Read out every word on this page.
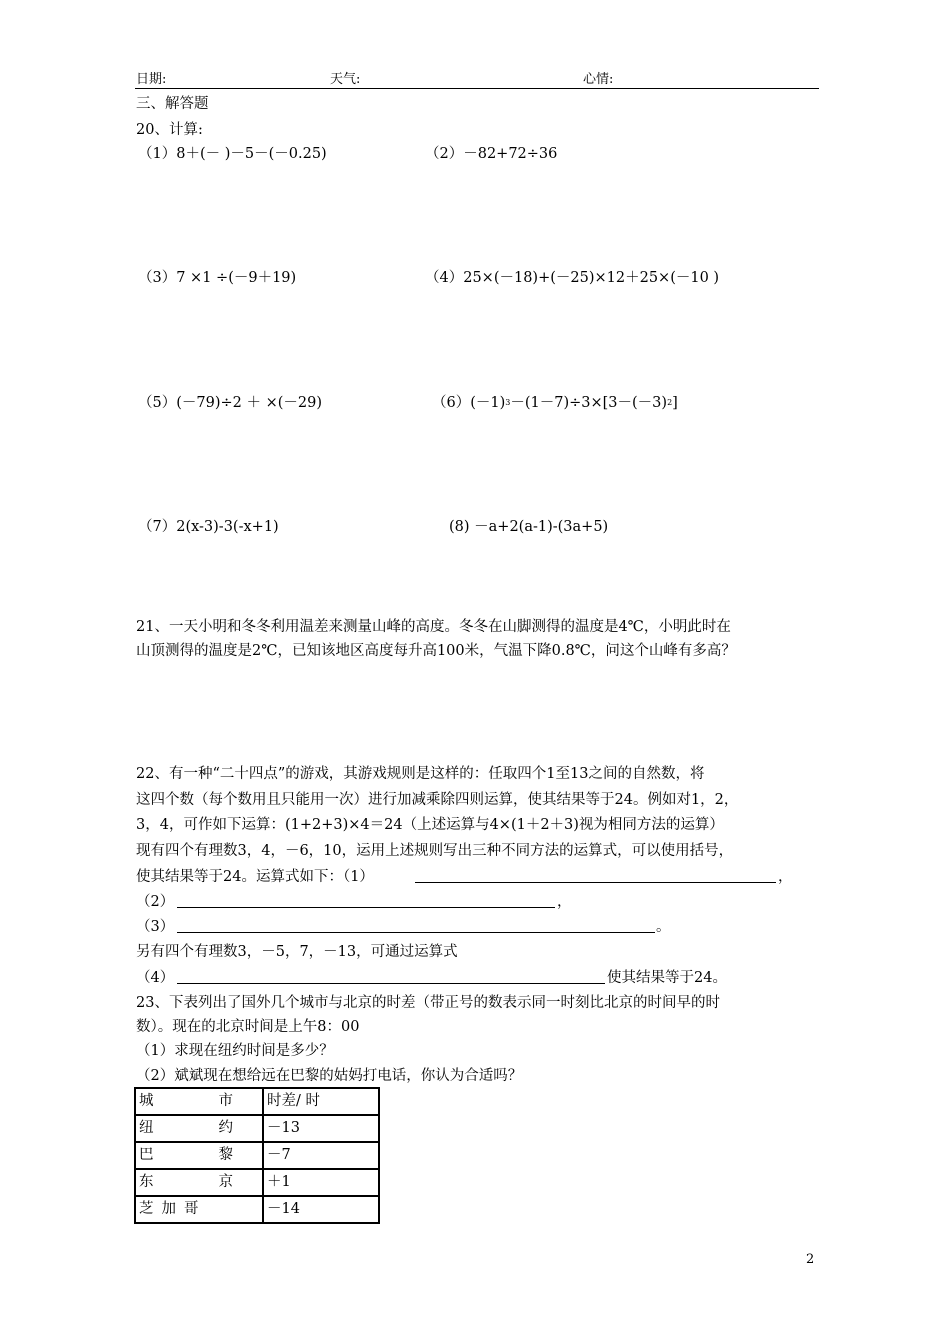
日期:	天气:	心情:
三、解答题
20、计算:
（1）8＋(－ )－5－(－0.25)	（2）－82+72÷36
（3）7 ×1 ÷(－9＋19)	（4）25×(－18)+(－25)×12＋25×(－10 )
（5）(－79)÷2 ＋ ×(－29)	$(6)(-1)^3-(1-7)\div 3\times[3-(-3)^2]$
（7）2(x-3)-3(-x+1)	(8) －a+2(a-1)-(3a+5)
21、一天小明和冬冬利用温差来测量山峰的高度。冬冬在山脚测得的温度是4℃，小明此时在
山顶测得的温度是2℃，已知该地区高度每升高100米，气温下降0.8℃，问这个山峰有多高？
22、有一种“二十四点”的游戏，其游戏规则是这样的：任取四个1至13之间的自然数，将
这四个数（每个数用且只能用一次）进行加减乘除四则运算，使其结果等于24。例如对1，2，
3，4，可作如下运算：(1+2+3)×4＝24（上述运算与4×(1＋2＋3)视为相同方法的运算）
现有四个有理数3，4，－6，10，运用上述规则写出三种不同方法的运算式，可以使用括号，
使其结果等于24。运算式如下：（1）	，
（2）	，
（3）	。
另有四个有理数3，－5，7，－13，可通过运算式
（4）	使其结果等于24。
23、下表列出了国外几个城市与北京的时差（带正号的数表示同一时刻比北京的时间早的时
数）。现在的北京时间是上午8：00
（1）求现在纽约时间是多少？
（2）斌斌现在想给远在巴黎的姑妈打电话，你认为合适吗？
城 市	时差/ 时

纽 约	－13

巴 黎	－7

东 京	＋1
芝加哥	－14
2
